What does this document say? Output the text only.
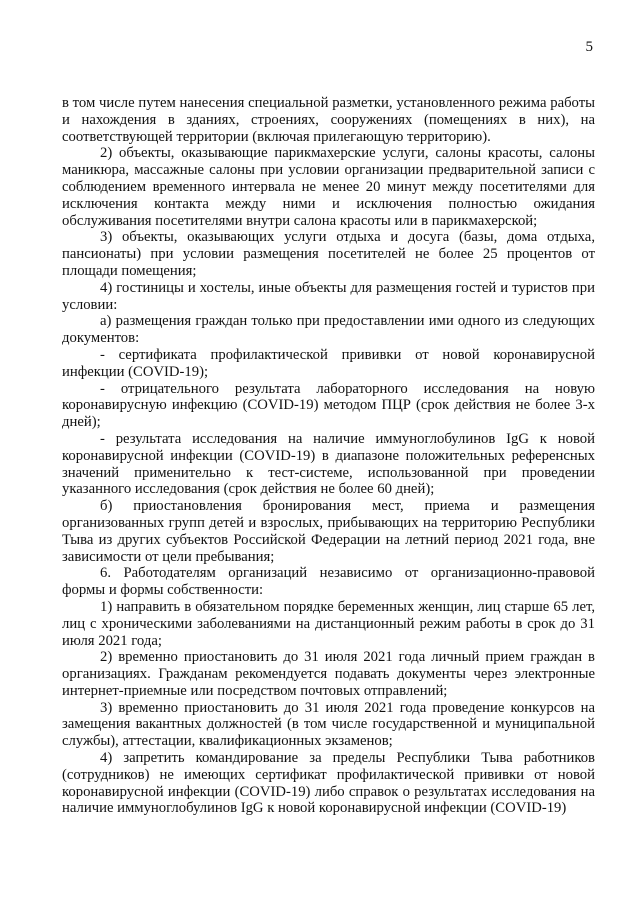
5

в том числе путем нанесения специальной разметки, установленного режима работы и нахождения в зданиях, строениях, сооружениях (помещениях в них), на соответствующей территории (включая прилегающую территорию).

2) объекты, оказывающие парикмахерские услуги, салоны красоты, салоны маникюра, массажные салоны при условии организации предварительной записи с соблюдением временного интервала не менее 20 минут между посетителями для исключения контакта между ними и исключения полностью ожидания обслуживания посетителями внутри салона красоты или в парикмахерской;

3) объекты, оказывающих услуги отдыха и досуга (базы, дома отдыха, пансионаты) при условии размещения посетителей не более 25 процентов от площади помещения;

4) гостиницы и хостелы, иные объекты для размещения гостей и туристов при условии:

а) размещения граждан только при предоставлении ими одного из следующих документов:

- сертификата профилактической прививки от новой коронавирусной инфекции (COVID-19);

- отрицательного результата лабораторного исследования на новую коронавирусную инфекцию (COVID-19) методом ПЦР (срок действия не более 3-х дней);

- результата исследования на наличие иммуноглобулинов IgG к новой коронавирусной инфекции (COVID-19) в диапазоне положительных референсных значений применительно к тест-системе, использованной при проведении указанного исследования (срок действия не более 60 дней);

б) приостановления бронирования мест, приема и размещения организованных групп детей и взрослых, прибывающих на территорию Республики Тыва из других субъектов Российской Федерации на летний период 2021 года, вне зависимости от цели пребывания;

6. Работодателям организаций независимо от организационно-правовой формы и формы собственности:

1) направить в обязательном порядке беременных женщин, лиц старше 65 лет, лиц с хроническими заболеваниями на дистанционный режим работы в срок до 31 июля 2021 года;

2) временно приостановить до 31 июля 2021 года личный прием граждан в организациях. Гражданам рекомендуется подавать документы через электронные интернет-приемные или посредством почтовых отправлений;

3) временно приостановить до 31 июля 2021 года проведение конкурсов на замещения вакантных должностей (в том числе государственной и муниципальной службы), аттестации, квалификационных экзаменов;

4) запретить командирование за пределы Республики Тыва работников (сотрудников) не имеющих сертификат профилактической прививки от новой коронавирусной инфекции (COVID-19) либо справок о результатах исследования на наличие иммуноглобулинов IgG к новой коронавирусной инфекции (COVID-19)
